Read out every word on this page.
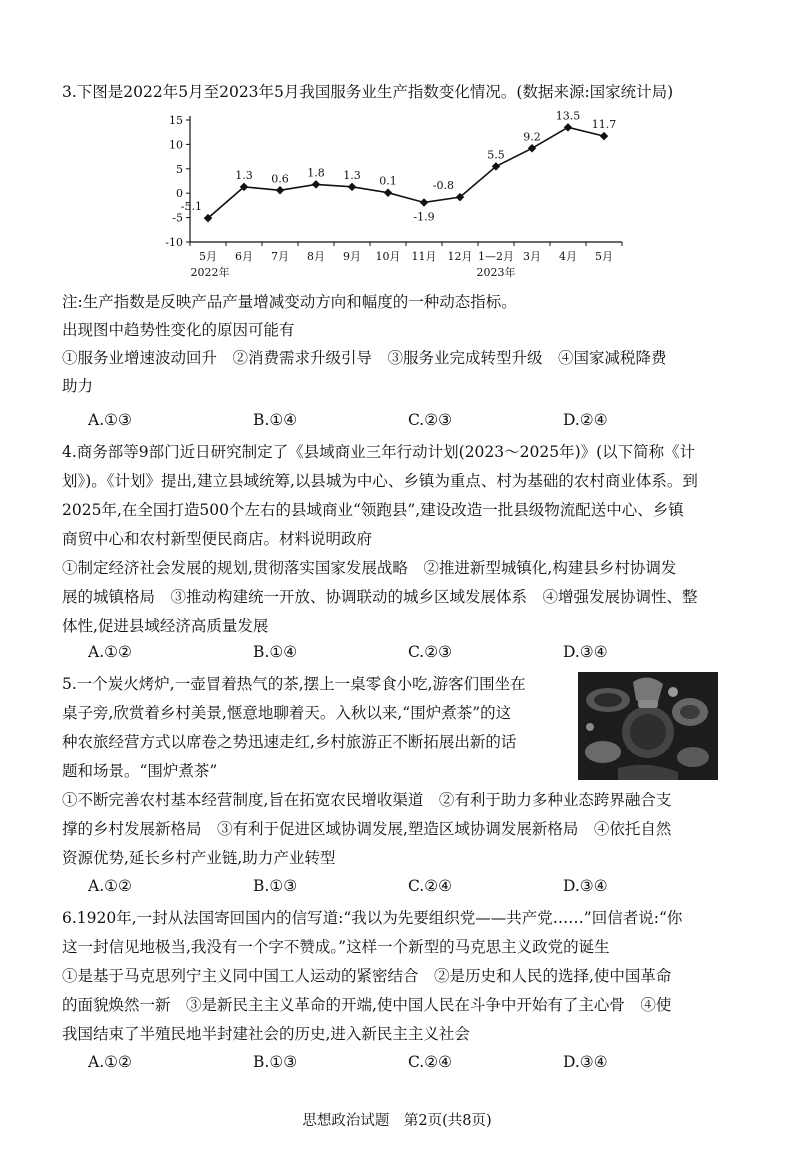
3.下图是2022年5月至2023年5月我国服务业生产指数变化情况。(数据来源:国家统计局)
15
10
5
0
-5
-10
5月 6月 7月 8月 9月 10月 11月 12月 1—2月 3月 4月 5月
2022年	2023年
-5.1
1.3 0.6 1.8 1.3 0.1
-1.9
-0.8
5.5
9.2
13.5
11.7
注:生产指数是反映产品产量增减变动方向和幅度的一种动态指标。
出现图中趋势性变化的原因可能有
①服务业增速波动回升　②消费需求升级引导　③服务业完成转型升级　④国家减税降费
助力
A.①③	B.①④	C.②③	D.②④
4.商务部等9部门近日研究制定了《县域商业三年行动计划(2023～2025年)》(以下简称《计
划》)。《计划》提出,建立县域统筹,以县城为中心、乡镇为重点、村为基础的农村商业体系。到
2025年,在全国打造500个左右的县域商业“领跑县”,建设改造一批县级物流配送中心、乡镇
商贸中心和农村新型便民商店。材料说明政府
①制定经济社会发展的规划,贯彻落实国家发展战略　②推进新型城镇化,构建县乡村协调发
展的城镇格局　③推动构建统一开放、协调联动的城乡区域发展体系　④增强发展协调性、整
体性,促进县域经济高质量发展
A.①②	B.①④	C.②③	D.③④
5.一个炭火烤炉,一壶冒着热气的茶,摆上一桌零食小吃,游客们围坐在
桌子旁,欣赏着乡村美景,惬意地聊着天。入秋以来,“围炉煮茶”的这
种农旅经营方式以席卷之势迅速走红,乡村旅游正不断拓展出新的话
题和场景。“围炉煮茶”
①不断完善农村基本经营制度,旨在拓宽农民增收渠道　②有利于助力多种业态跨界融合支
撑的乡村发展新格局　③有利于促进区域协调发展,塑造区域协调发展新格局　④依托自然
资源优势,延长乡村产业链,助力产业转型
A.①②	B.①③	C.②④	D.③④
6.1920年,一封从法国寄回国内的信写道:“我以为先要组织党——共产党……”回信者说:“你
这一封信见地极当,我没有一个字不赞成。”这样一个新型的马克思主义政党的诞生
①是基于马克思列宁主义同中国工人运动的紧密结合　②是历史和人民的选择,使中国革命
的面貌焕然一新　③是新民主主义革命的开端,使中国人民在斗争中开始有了主心骨　④使
我国结束了半殖民地半封建社会的历史,进入新民主主义社会
A.①②	B.①③	C.②④	D.③④
思想政治试题　第2页(共8页)
